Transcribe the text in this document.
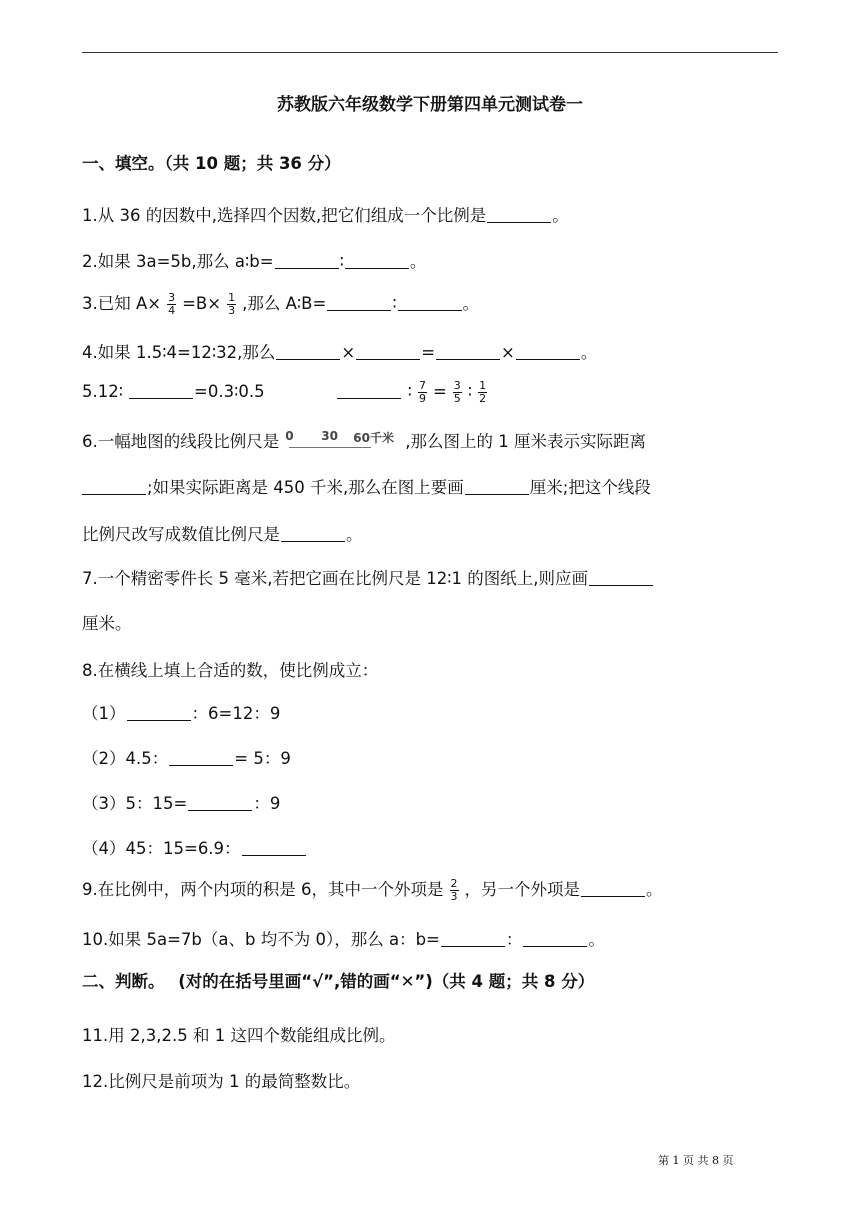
苏教版六年级数学下册第四单元测试卷一
一、填空。（共 10 题；共 36 分）
1.从 36 的因数中,选择四个因数,把它们组成一个比例是	。
2.如果 3a=5b,那么 a∶b=	∶	。
3.已知 $A\times \frac{3}{4} =B\times \frac{1}{3}$ ,那么 A∶B=	∶	。
4.如果 1.5∶4=12∶32,那么	×	=	×	。
5.12∶	=0.3∶0.5	∶ $\frac{7}{9} = \frac{3}{5}$ ∶ $\frac{1}{2}$
6.一幅地图的线段比例尺是 0 30 60千米 ,那么图上的 1 厘米表示实际距离
;如果实际距离是 450 千米,那么在图上要画	厘米;把这个线段
比例尺改写成数值比例尺是	。
7.一个精密零件长 5 毫米,若把它画在比例尺是 12∶1 的图纸上,则应画
厘米。
8.在横线上填上合适的数，使比例成立：
（1）	：6=12：9
（2）4.5：	= 5：9
（3）5：15=	：9
（4）45：15=6.9：
9.在比例中，两个内项的积是 6，其中一个外项是 $\frac{2}{3}$ ，另一个外项是	。
10.如果 5a=7b（a、b 均不为 0），那么 a：b=	：	。
二、判断。 (对的在括号里画“√”,错的画“✕”)（共 4 题；共 8 分）
11.用 2,3,2.5 和 1 这四个数能组成比例。
12.比例尺是前项为 1 的最简整数比。
第 1 页 共 8 页
